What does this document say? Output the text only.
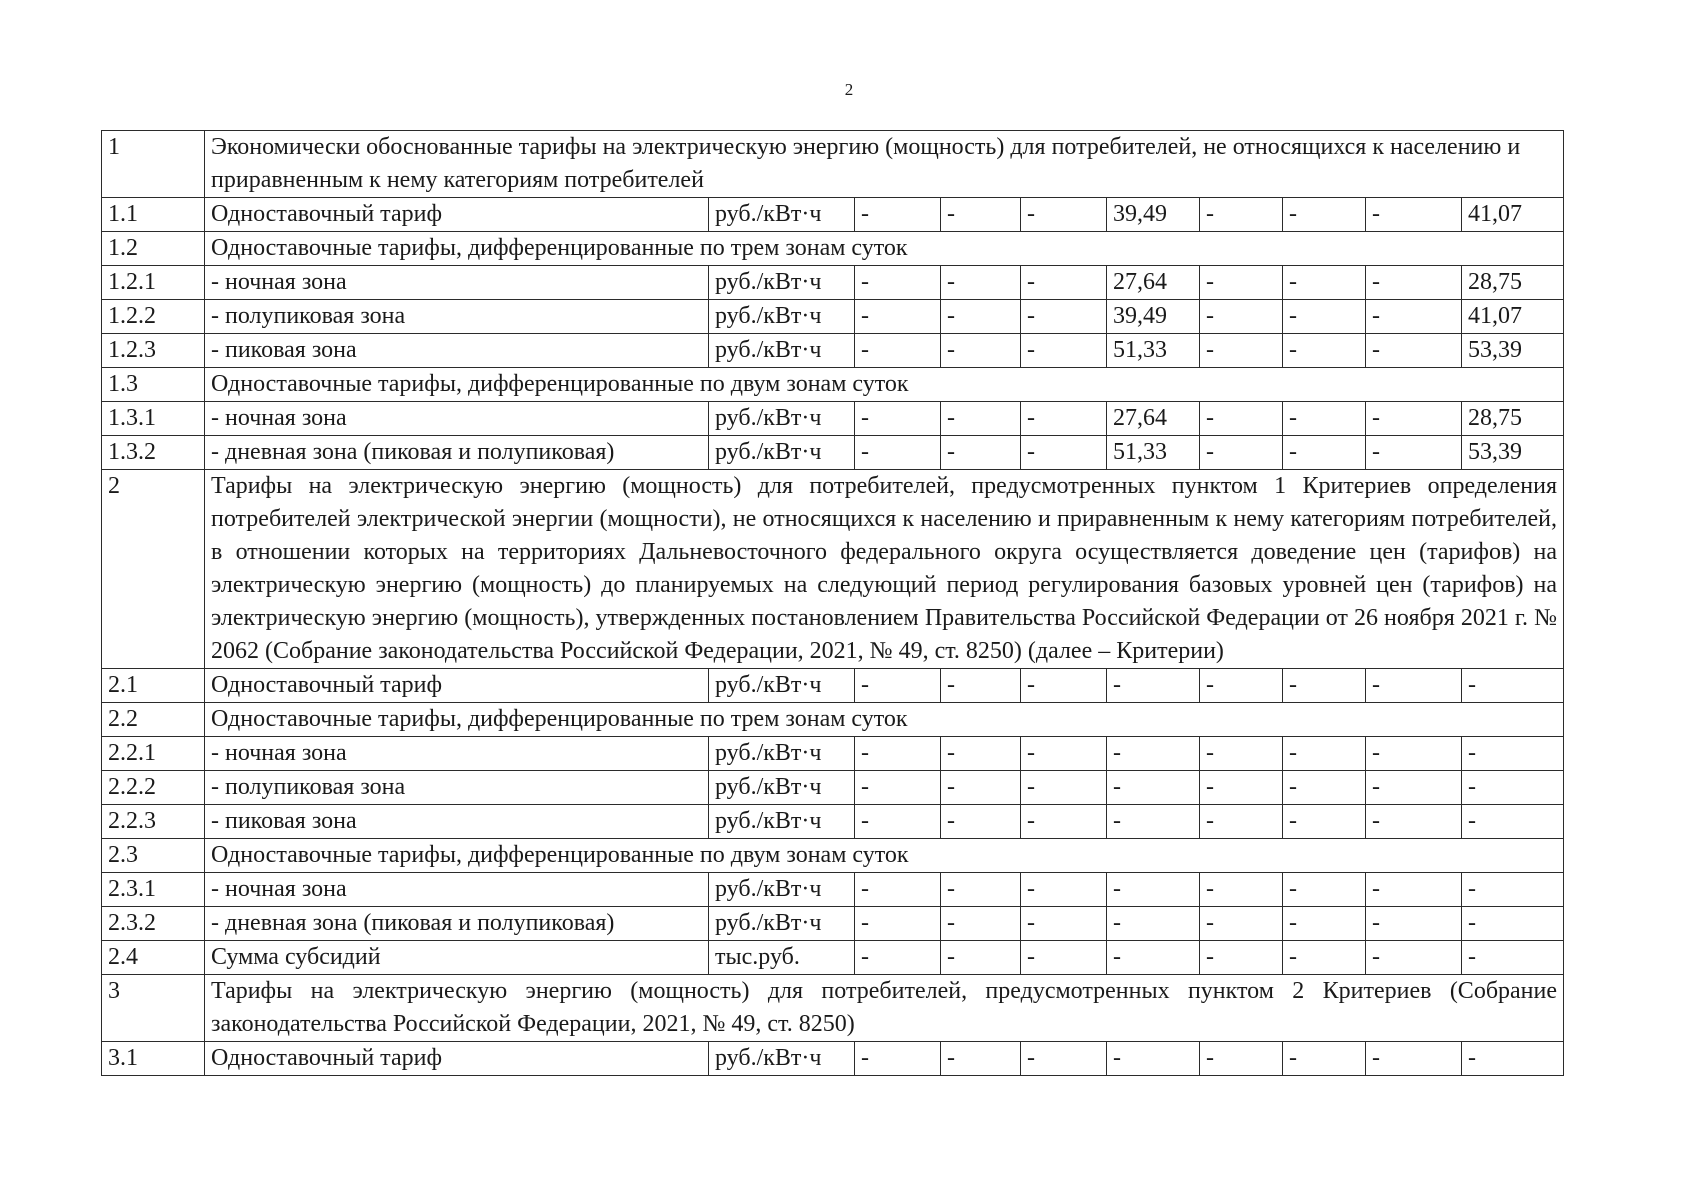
2
1	Экономически обоснованные тарифы на электрическую энергию (мощность) для потребителей, не относящихся к населению и приравненным к нему категориям потребителей									
1.1	Одноставочный тариф	руб./кВт·ч	-	-	-	39,49	-	-	-	41,07
1.2	Одноставочные тарифы, дифференцированные по трем зонам суток									
1.2.1	- ночная зона	руб./кВт·ч	-	-	-	27,64	-	-	-	28,75
1.2.2	- полупиковая зона	руб./кВт·ч	-	-	-	39,49	-	-	-	41,07
1.2.3	- пиковая зона	руб./кВт·ч	-	-	-	51,33	-	-	-	53,39
1.3	Одноставочные тарифы, дифференцированные по двум зонам суток									
1.3.1	- ночная зона	руб./кВт·ч	-	-	-	27,64	-	-	-	28,75
1.3.2	- дневная зона (пиковая и полупиковая)	руб./кВт·ч	-	-	-	51,33	-	-	-	53,39
2	Тарифы на электрическую энергию (мощность) для потребителей, предусмотренных пунктом 1 Критериев определения потребителей электрической энергии (мощности), не относящихся к населению и приравненным к нему категориям потребителей, в отношении которых на территориях Дальневосточного федерального округа осуществляется доведение цен (тарифов) на электрическую энергию (мощность) до планируемых на следующий период регулирования базовых уровней цен (тарифов) на электрическую энергию (мощность), утвержденных постановлением Правительства Российской Федерации от 26 ноября 2021 г. № 2062 (Собрание законодательства Российской Федерации, 2021, № 49, ст. 8250) (далее – Критерии)									
2.1	Одноставочный тариф	руб./кВт·ч	-	-	-	-	-	-	-	-
2.2	Одноставочные тарифы, дифференцированные по трем зонам суток									
2.2.1	- ночная зона	руб./кВт·ч	-	-	-	-	-	-	-	-
2.2.2	- полупиковая зона	руб./кВт·ч	-	-	-	-	-	-	-	-
2.2.3	- пиковая зона	руб./кВт·ч	-	-	-	-	-	-	-	-
2.3	Одноставочные тарифы, дифференцированные по двум зонам суток									
2.3.1	- ночная зона	руб./кВт·ч	-	-	-	-	-	-	-	-
2.3.2	- дневная зона (пиковая и полупиковая)	руб./кВт·ч	-	-	-	-	-	-	-	-
2.4	Сумма субсидий	тыс.руб.	-	-	-	-	-	-	-	-
3	Тарифы на электрическую энергию (мощность) для потребителей, предусмотренных пунктом 2 Критериев (Собрание законодательства Российской Федерации, 2021, № 49, ст. 8250)									
3.1	Одноставочный тариф	руб./кВт·ч	-	-	-	-	-	-	-	-
